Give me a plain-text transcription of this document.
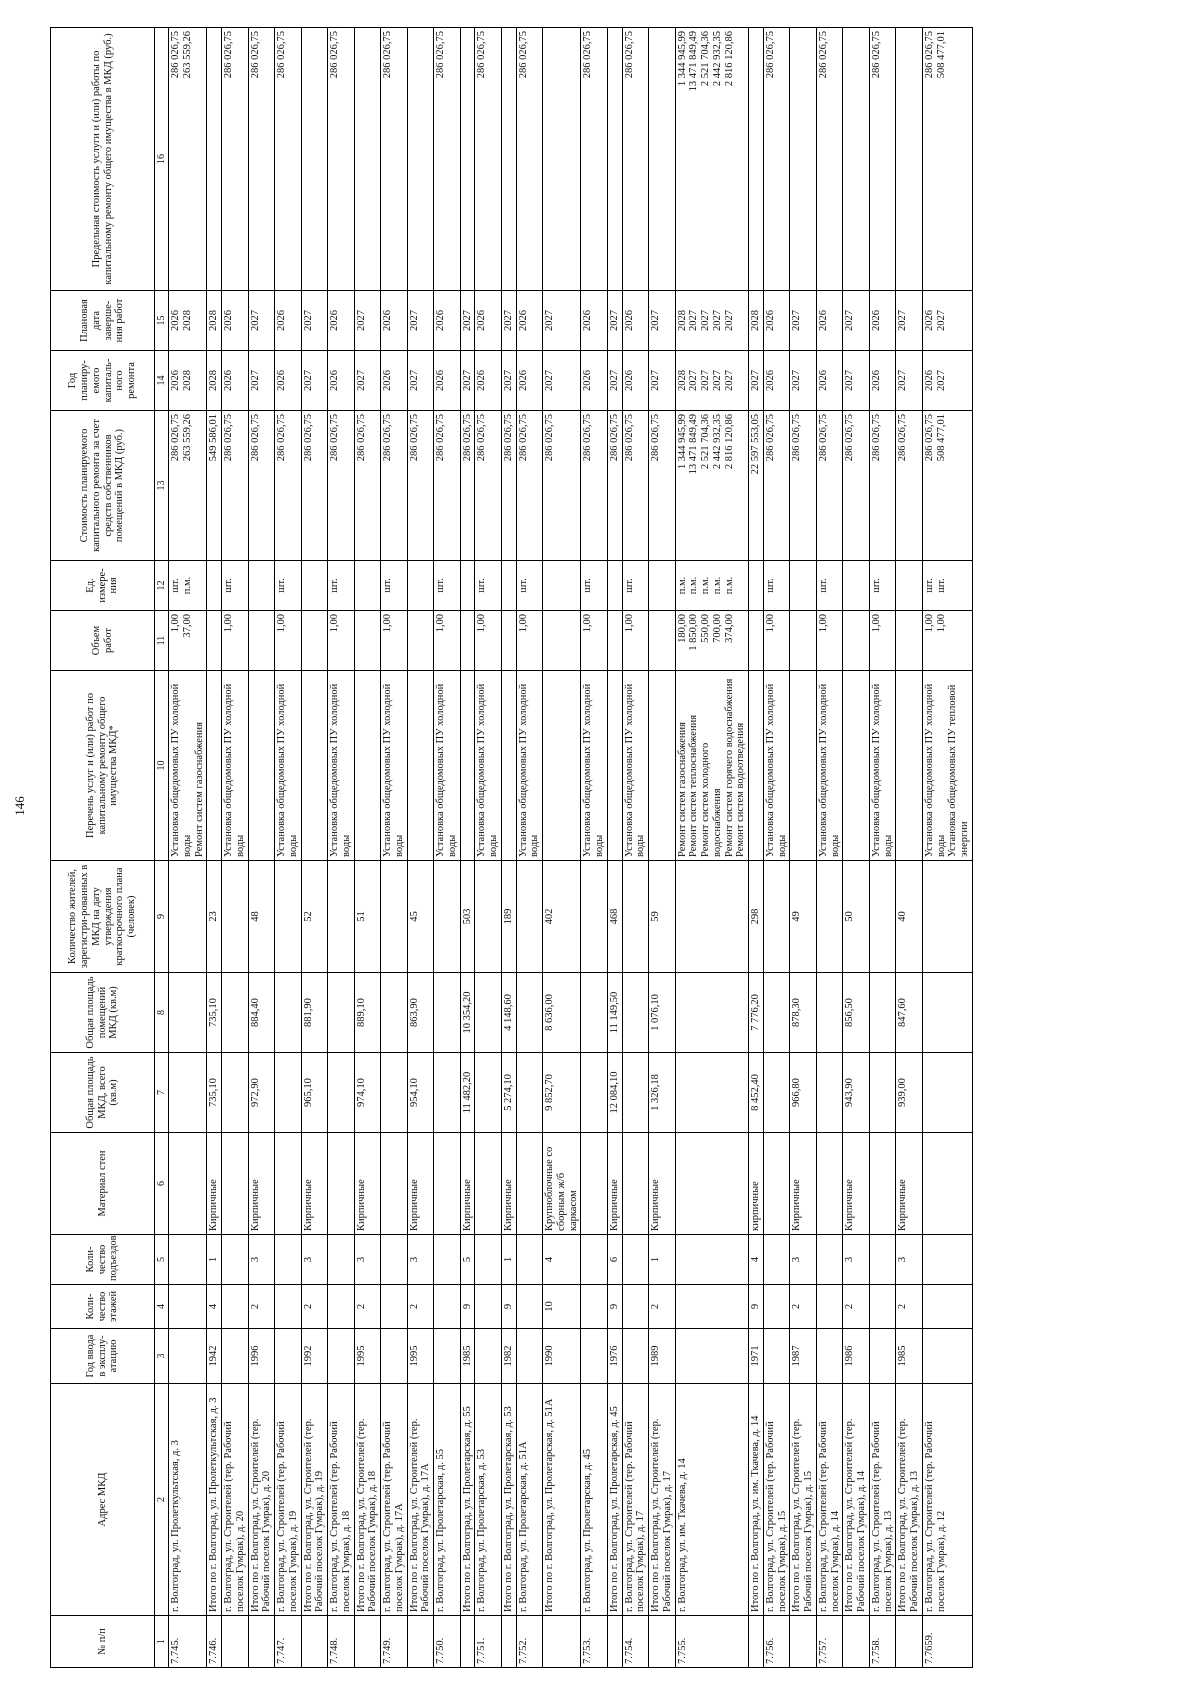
146
№ п/п	Адрес МКД	Год ввода в эксплу-атацию	Коли-чество этажей	Коли-чество подъездов	Материал стен	Общая площадь МКД, всего (кв.м)	Общая площадь помещений МКД (кв.м)	Количество жителей, зарегистри-рованных в МКД на дату утверждения краткосрочного плана (человек)	Перечень услуг и (или) работ по капитальному ремонту общего имущества МКД*	Объем работ	Ед. измере-ния	Стоимость планируемого капитального ремонта за счет средств собственников помещений в МКД (руб.)	Год планиру-емого капиталь-ного ремонта	Плановая дата заверше-ния работ	Предельная стоимость услуги и (или) работы по капитальному ремонту общего имущества в МКД (руб.)
1	2	3	4	5	6	7	8	9	10	11	12	13	14	15	16
7.745.	г. Волгоград, ул. Пролеткультская, д. 3								Установка общедомовых ПУ холодной воды Ремонт систем газоснабжения	1,00 37,00	шт. п.м.	286 026,75 263 559,26	2026 2028	2026 2028	286 026,75 263 559,26

7.746.	Итого по г. Волгоград, ул. Пролеткультская, д. 3	1942	4	1	Кирпичные	735,10	735,10	23				549 586,01	2028	2028	

	г. Волгоград, ул. Строителей (тер. Рабочий поселок Гумрак), д. 20								Установка общедомовых ПУ холодной воды	1,00	шт.	286 026,75	2026	2026	286 026,75

	Итого по г. Волгоград, ул. Строителей (тер. Рабочий поселок Гумрак), д. 20	1996	2	3	Кирпичные	972,90	884,40	48				286 026,75	2027	2027	286 026,75

7.747.	г. Волгоград, ул. Строителей (тер. Рабочий поселок Гумрак), д. 19								Установка общедомовых ПУ холодной воды	1,00	шт.	286 026,75	2026	2026	286 026,75

	Итого по г. Волгоград, ул. Строителей (тер. Рабочий поселок Гумрак), д. 19	1992	2	3	Кирпичные	965,10	881,90	52				286 026,75	2027	2027	

7.748.	г. Волгоград, ул. Строителей (тер. Рабочий поселок Гумрак), д. 18								Установка общедомовых ПУ холодной воды	1,00	шт.	286 026,75	2026	2026	286 026,75

	Итого по г. Волгоград, ул. Строителей (тер. Рабочий поселок Гумрак), д. 18	1995	2	3	Кирпичные	974,10	889,10	51				286 026,75	2027	2027	

7.749.	г. Волгоград, ул. Строителей (тер. Рабочий поселок Гумрак), д. 17А								Установка общедомовых ПУ холодной воды	1,00	шт.	286 026,75	2026	2026	286 026,75

	Итого по г. Волгоград, ул. Строителей (тер. Рабочий поселок Гумрак), д. 17А	1995	2	3	Кирпичные	954,10	863,90	45				286 026,75	2027	2027	

7.750.	г. Волгоград, ул. Пролетарская, д. 55								Установка общедомовых ПУ холодной воды	1,00	шт.	286 026,75	2026	2026	286 026,75

	Итого по г. Волгоград, ул. Пролетарская, д. 55	1985	9	5	Кирпичные	11 482,20	10 354,20	503				286 026,75	2027	2027	

7.751.	г. Волгоград, ул. Пролетарская, д. 53								Установка общедомовых ПУ холодной воды	1,00	шт.	286 026,75	2026	2026	286 026,75

	Итого по г. Волгоград, ул. Пролетарская, д. 53	1982	9	1	Кирпичные	5 274,10	4 148,60	189				286 026,75	2027	2027	

7.752.	г. Волгоград, ул. Пролетарская, д. 51А								Установка общедомовых ПУ холодной воды	1,00	шт.	286 026,75	2026	2026	286 026,75

	Итого по г. Волгоград, ул. Пролетарская, д. 51А	1990	10	4	Крупноблочные со сборным ж/б каркасом	9 852,70	8 636,00	402				286 026,75	2027	2027	

7.753.	г. Волгоград, ул. Пролетарская, д. 45								Установка общедомовых ПУ холодной воды	1,00	шт.	286 026,75	2026	2026	286 026,75

	Итого по г. Волгоград, ул. Пролетарская, д. 45	1976	9	6	Кирпичные	12 084,10	11 149,50	468				286 026,75	2027	2027	

7.754.	г. Волгоград, ул. Строителей (тер. Рабочий поселок Гумрак), д. 17								Установка общедомовых ПУ холодной воды	1,00	шт.	286 026,75	2026	2026	286 026,75

	Итого по г. Волгоград, ул. Строителей (тер. Рабочий поселок Гумрак), д. 17	1989	2	1	Кирпичные	1 326,18	1 076,10	59				286 026,75	2027	2027	

7.755.	г. Волгоград, ул. им. Ткачева, д. 14								Ремонт систем газоснабжения Ремонт систем теплоснабжения Ремонт систем холодного водоснабжения Ремонт систем горячего водоснабжения Ремонт систем водоотведения	180,00 1 850,00 550,00 700,00 374,00	п.м. п.м. п.м. п.м. п.м.	1 344 945,99 13 471 849,49 2 521 704,36 2 442 932,35 2 816 120,86	2028 2027 2027 2027 2027	2028 2027 2027 2027 2027	1 344 945,99 13 471 849,49 2 521 704,36 2 442 932,35 2 816 120,86

	Итого по г. Волгоград, ул. им. Ткачева, д. 14	1971	9	4	кирпичные	8 452,40	7 776,20	298				22 597 553,05	2027	2028	

7.756.	г. Волгоград, ул. Строителей (тер. Рабочий поселок Гумрак), д. 15								Установка общедомовых ПУ холодной воды	1,00	шт.	286 026,75	2026	2026	286 026,75

	Итого по г. Волгоград, ул. Строителей (тер. Рабочий поселок Гумрак), д. 15	1987	2	3	Кирпичные	966,80	878,30	49				286 026,75	2027	2027	

7.757.	г. Волгоград, ул. Строителей (тер. Рабочий поселок Гумрак), д. 14								Установка общедомовых ПУ холодной воды	1,00	шт.	286 026,75	2026	2026	286 026,75

	Итого по г. Волгоград, ул. Строителей (тер. Рабочий поселок Гумрак), д. 14	1986	2	3	Кирпичные	943,90	856,50	50				286 026,75	2027	2027	

7.758.	г. Волгоград, ул. Строителей (тер. Рабочий поселок Гумрак), д. 13								Установка общедомовых ПУ холодной воды	1,00	шт.	286 026,75	2026	2026	286 026,75

	Итого по г. Волгоград, ул. Строителей (тер. Рабочий поселок Гумрак), д. 13	1985	2	3	Кирпичные	939,00	847,60	40				286 026,75	2027	2027	

7.7659.	г. Волгоград, ул. Строителей (тер. Рабочий поселок Гумрак), д. 12								Установка общедомовых ПУ холодной воды Установка общедомовых ПУ тепловой энергии	1,00 1,00	шт. шт.	286 026,75 508 477,01	2026 2027	2026 2027	286 026,75 508 477,01
